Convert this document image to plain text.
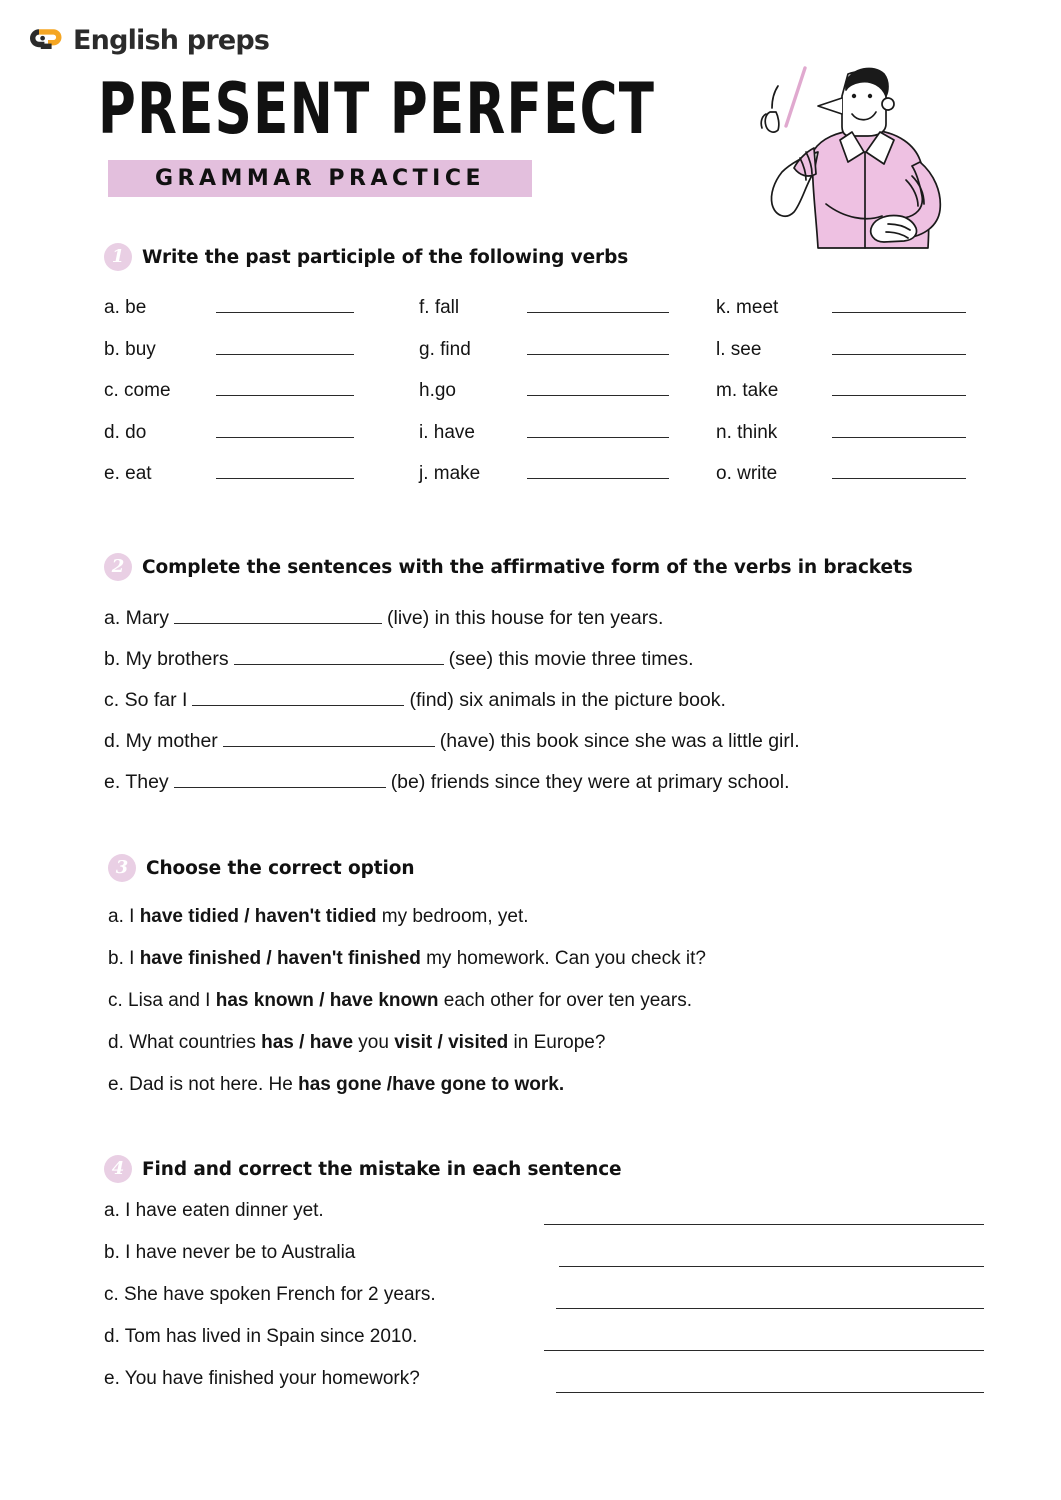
English preps
PRESENT PERFECT
GRAMMAR PRACTICE
1 Write the past participle of the following verbs
a. be
b. buy
c. come
d. do
e. eat
f. fall
g. find
h.go
i. have
j. make
k. meet
l. see
m. take
n. think
o. write
2 Complete the sentences with the affirmative form of the verbs in brackets
a. Mary	(live) in this house for ten years.
b. My brothers	(see) this movie three times.
c. So far I	(find) six animals in the picture book.
d. My mother	(have) this book since she was a little girl.
e. They	(be) friends since they were at primary school.
3 Choose the correct option
a. I have tidied / haven't tidied my bedroom, yet.
b. I have finished / haven't finished my homework. Can you check it?
c. Lisa and I has known / have known each other for over ten years.
d. What countries has / have you visit / visited in Europe?
e. Dad is not here. He has gone /have gone to work.
4 Find and correct the mistake in each sentence
a. I have eaten dinner yet.
b. I have never be to Australia
c. She have spoken French for 2 years.
d. Tom has lived in Spain since 2010.
e. You have finished your homework?
